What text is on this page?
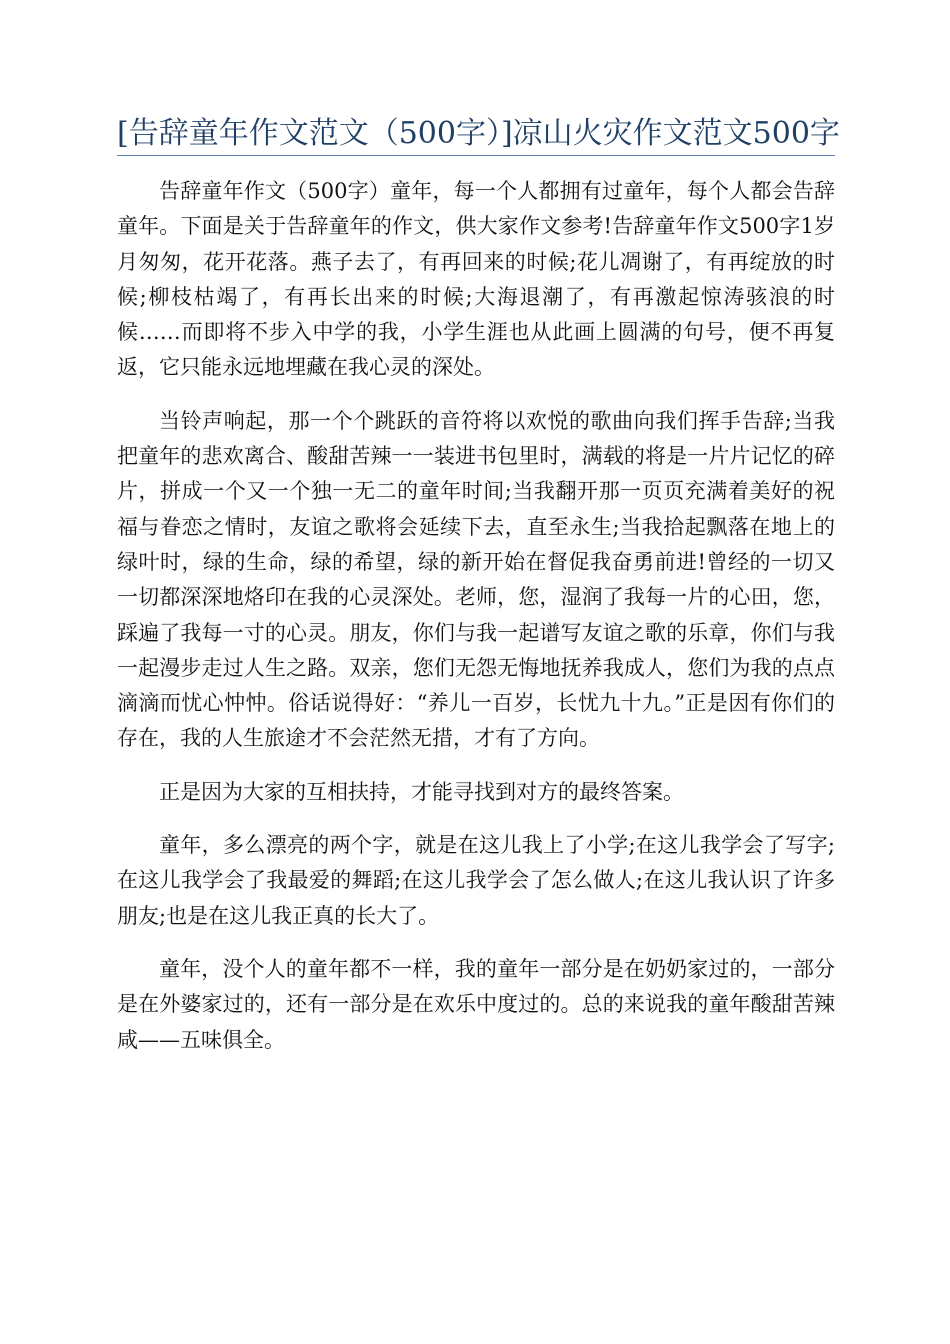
[告辞童年作文范文（500字）]凉山火灾作文范文500字

告辞童年作文（500字）童年，每一个人都拥有过童年，每个人都会告辞童年。下面是关于告辞童年的作文，供大家作文参考!告辞童年作文500字1岁月匆匆，花开花落。燕子去了，有再回来的时候;花儿凋谢了，有再绽放的时候;柳枝枯竭了，有再长出来的时候;大海退潮了，有再激起惊涛骇浪的时候……而即将不步入中学的我，小学生涯也从此画上圆满的句号，便不再复返，它只能永远地埋藏在我心灵的深处。

当铃声响起，那一个个跳跃的音符将以欢悦的歌曲向我们挥手告辞;当我把童年的悲欢离合、酸甜苦辣一一装进书包里时，满载的将是一片片记忆的碎片，拼成一个又一个独一无二的童年时间;当我翻开那一页页充满着美好的祝福与眷恋之情时，友谊之歌将会延续下去，直至永生;当我拾起飘落在地上的绿叶时，绿的生命，绿的希望，绿的新开始在督促我奋勇前进!曾经的一切又一切都深深地烙印在我的心灵深处。老师，您，湿润了我每一片的心田，您，踩遍了我每一寸的心灵。朋友，你们与我一起谱写友谊之歌的乐章，你们与我一起漫步走过人生之路。双亲，您们无怨无悔地抚养我成人，您们为我的点点滴滴而忧心忡忡。俗话说得好：“养儿一百岁，长忧九十九。”正是因有你们的存在，我的人生旅途才不会茫然无措，才有了方向。

正是因为大家的互相扶持，才能寻找到对方的最终答案。

童年，多么漂亮的两个字，就是在这儿我上了小学;在这儿我学会了写字;在这儿我学会了我最爱的舞蹈;在这儿我学会了怎么做人;在这儿我认识了许多朋友;也是在这儿我正真的长大了。

童年，没个人的童年都不一样，我的童年一部分是在奶奶家过的，一部分是在外婆家过的，还有一部分是在欢乐中度过的。总的来说我的童年酸甜苦辣咸——五味俱全。
